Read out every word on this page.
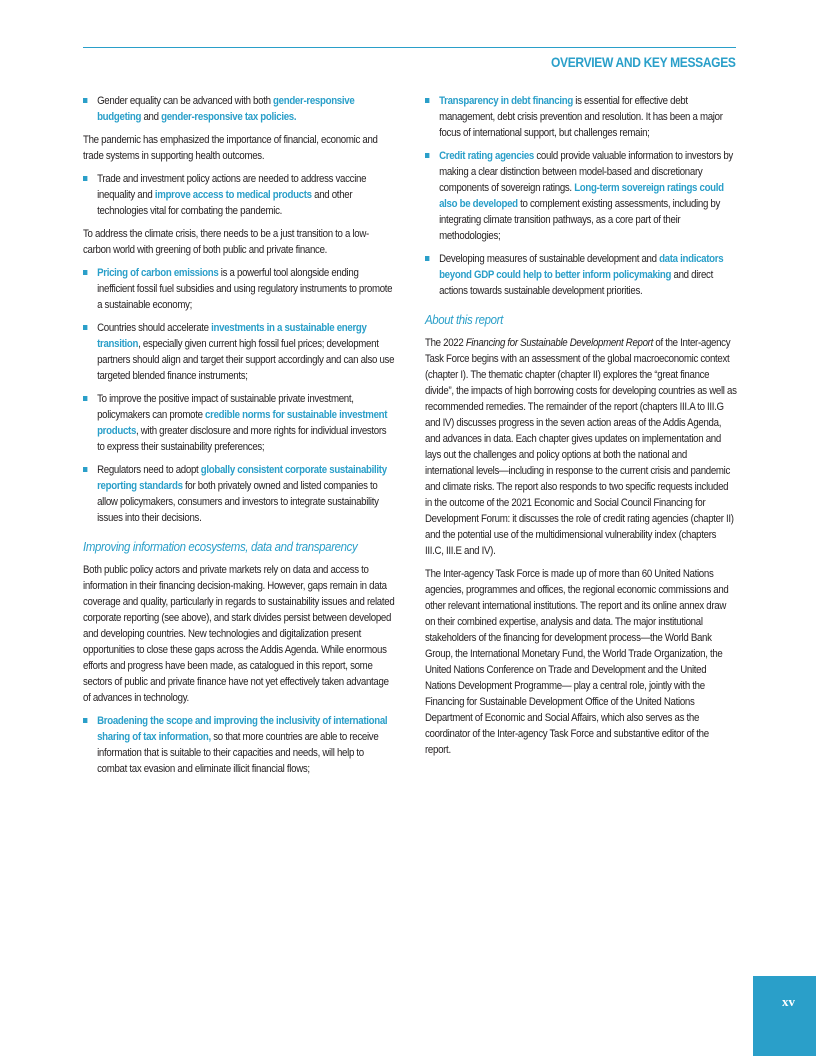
OVERVIEW AND KEY MESSAGES
Gender equality can be advanced with both gender-responsive budgeting and gender-responsive tax policies.

The pandemic has emphasized the importance of financial, economic and trade systems in supporting health outcomes.

Trade and investment policy actions are needed to address vaccine inequality and improve access to medical products and other technologies vital for combating the pandemic.

To address the climate crisis, there needs to be a just transition to a low-carbon world with greening of both public and private finance.

Pricing of carbon emissions is a powerful tool alongside ending inefficient fossil fuel subsidies and using regulatory instruments to promote a sustainable economy;
Countries should accelerate investments in a sustainable energy transition, especially given current high fossil fuel prices; development partners should align and target their support accordingly and can also use targeted blended finance instruments;
To improve the positive impact of sustainable private investment, policymakers can promote credible norms for sustainable investment products, with greater disclosure and more rights for individual investors to express their sustainability preferences;
Regulators need to adopt globally consistent corporate sustainability reporting standards for both privately owned and listed companies to allow policymakers, consumers and investors to integrate sustainability issues into their decisions.
Improving information ecosystems, data and transparency

Both public policy actors and private markets rely on data and access to information in their financing decision-making. However, gaps remain in data coverage and quality, particularly in regards to sustainability issues and related corporate reporting (see above), and stark divides persist between developed and developing countries. New technologies and digitalization present opportunities to close these gaps across the Addis Agenda. While enormous efforts and progress have been made, as catalogued in this report, some sectors of public and private finance have not yet effectively taken advantage of advances in technology.

Broadening the scope and improving the inclusivity of international sharing of tax information, so that more countries are able to receive information that is suitable to their capacities and needs, will help to combat tax evasion and eliminate illicit financial flows;
Transparency in debt financing is essential for effective debt management, debt crisis prevention and resolution. It has been a major focus of international support, but challenges remain;
Credit rating agencies could provide valuable information to investors by making a clear distinction between model-based and discretionary components of sovereign ratings. Long-term sovereign ratings could also be developed to complement existing assessments, including by integrating climate transition pathways, as a core part of their methodologies;
Developing measures of sustainable development and data indicators beyond GDP could help to better inform policymaking and direct actions towards sustainable development priorities.
About this report

The 2022 Financing for Sustainable Development Report of the Inter-agency Task Force begins with an assessment of the global macroeconomic context (chapter I). The thematic chapter (chapter II) explores the “great finance divide”, the impacts of high borrowing costs for developing countries as well as recommended remedies. The remainder of the report (chapters III.A to III.G and IV) discusses progress in the seven action areas of the Addis Agenda, and advances in data. Each chapter gives updates on implementation and lays out the challenges and policy options at both the national and international levels—including in response to the current crisis and pandemic and climate risks. The report also responds to two specific requests included in the outcome of the 2021 Economic and Social Council Financing for Development Forum: it discusses the role of credit rating agencies (chapter II) and the potential use of the multidimensional vulnerability index (chapters III.C, III.E and IV).

The Inter-agency Task Force is made up of more than 60 United Nations agencies, programmes and offices, the regional economic commissions and other relevant international institutions. The report and its online annex draw on their combined expertise, analysis and data. The major institutional stakeholders of the financing for development process—the World Bank Group, the International Monetary Fund, the World Trade Organization, the United Nations Conference on Trade and Development and the United Nations Development Programme— play a central role, jointly with the Financing for Sustainable Development Office of the United Nations Department of Economic and Social Affairs, which also serves as the coordinator of the Inter-agency Task Force and substantive editor of the report.

xv
